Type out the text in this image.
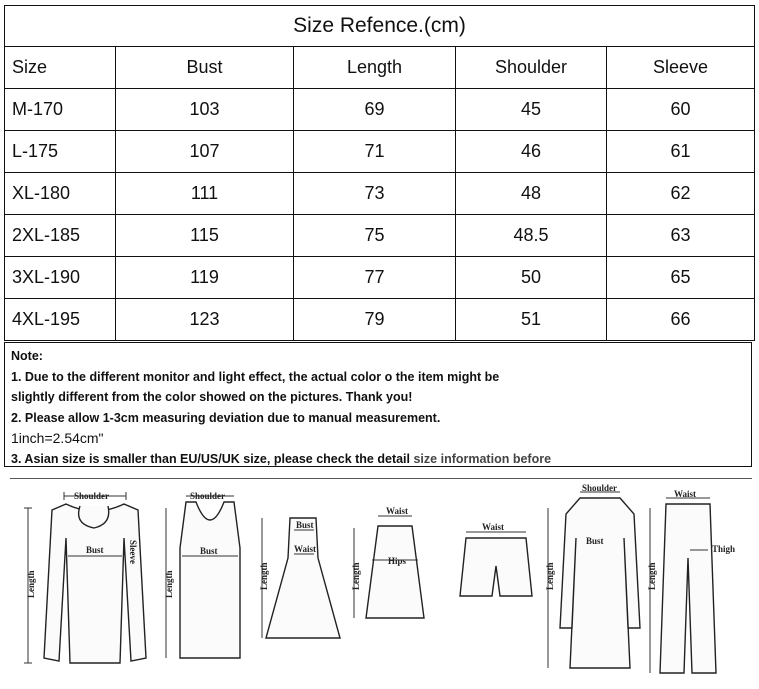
Size Refence.(cm)				
Size	Bust	Length	Shoulder	Sleeve
M-170	103	69	45	60
L-175	107	71	46	61
XL-180	111	73	48	62
2XL-185	115	75	48.5	63
3XL-190	119	77	50	65
4XL-195	123	79	51	66
Note:
1. Due to the different monitor and light effect, the actual color o the item might be
slightly different from the color showed on the pictures. Thank you!
2. Please allow 1-3cm measuring deviation due to manual measurement.
1inch=2.54cm"
3. Asian size is smaller than EU/US/UK size, please check the detail size information before
Shoulder
Bust
Length
Sleeve
Shoulder
Bust
Length
Bust
Waist
Length
Waist
Hips
Length
Waist
Shoulder
Bust
Length
Waist
Thigh
Length
